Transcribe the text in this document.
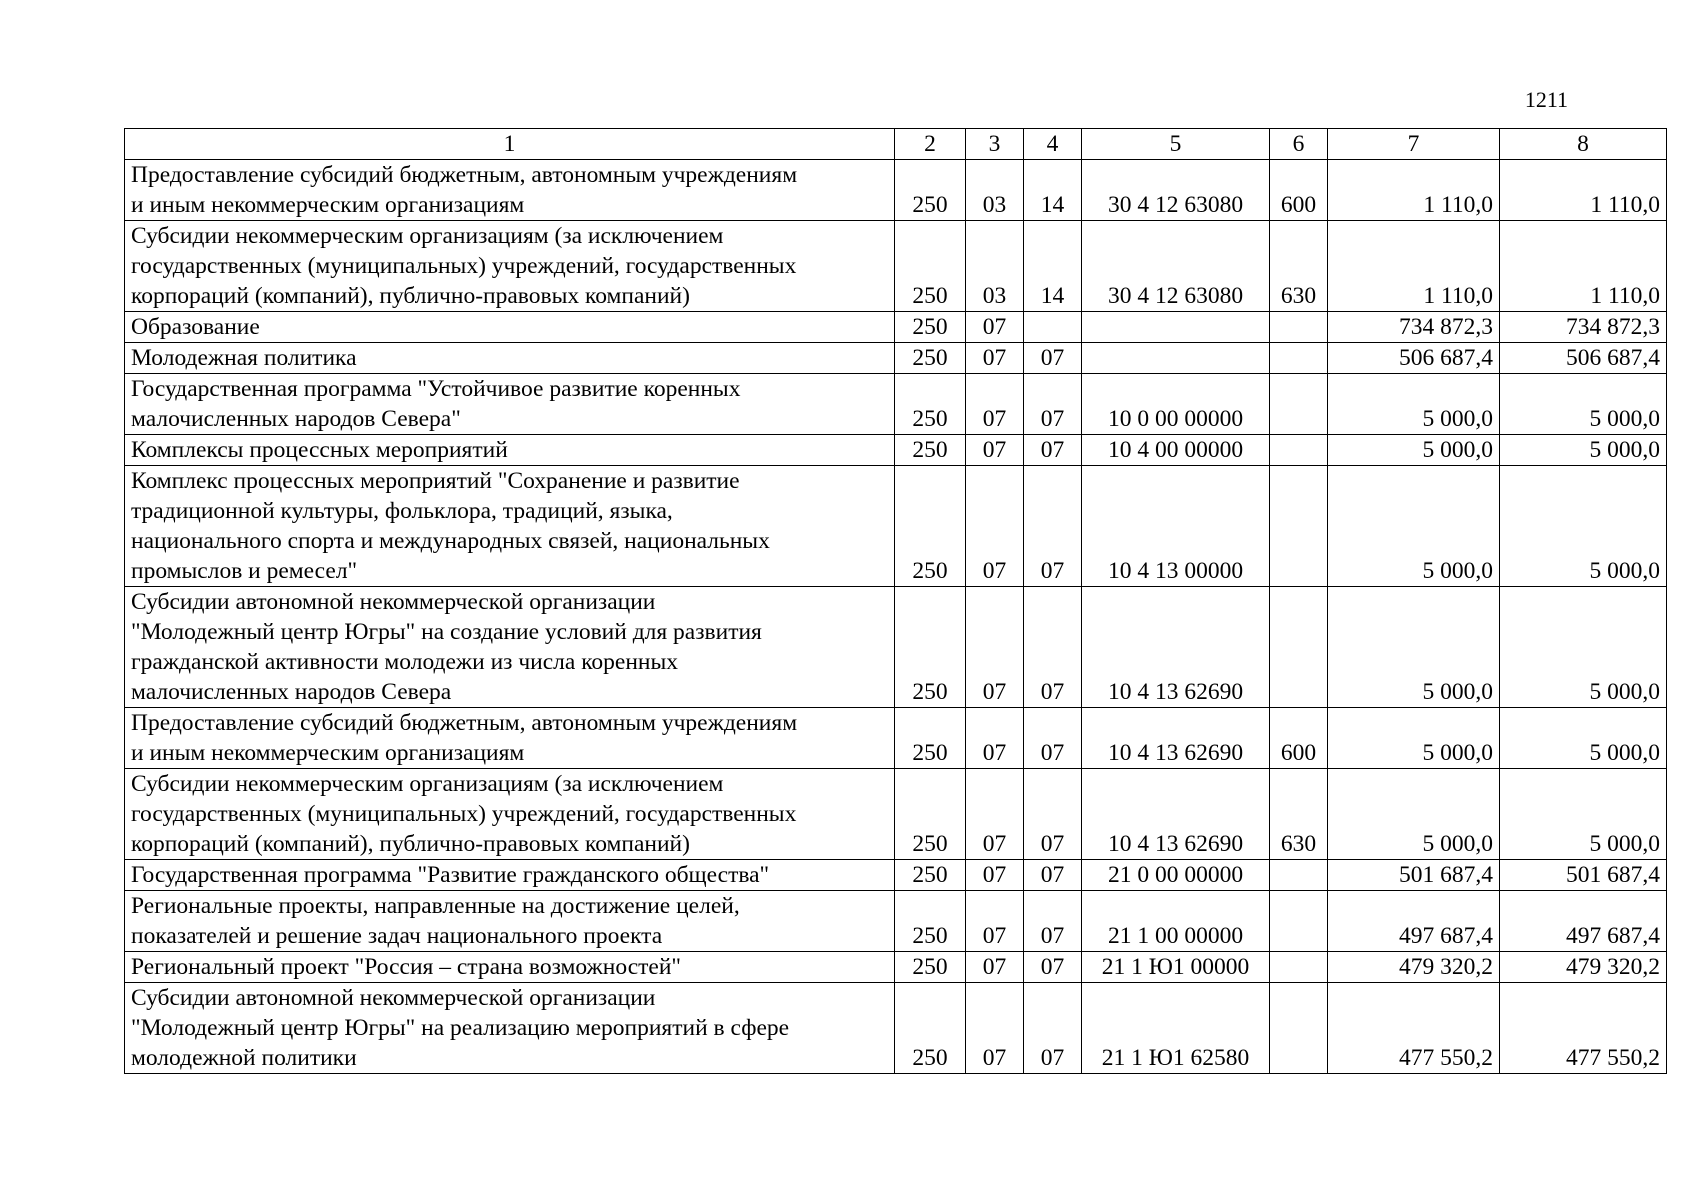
1211
1	2	3	4	5	6	7	8
Предоставление субсидий бюджетным, автономным учреждениям
и иным некоммерческим организациям	250	03	14	30 4 12 63080	600	1 110,0	1 110,0
Субсидии некоммерческим организациям (за исключением
государственных (муниципальных) учреждений, государственных
корпораций (компаний), публично-правовых компаний)	250	03	14	30 4 12 63080	630	1 110,0	1 110,0
Образование	250	07				734 872,3	734 872,3
Молодежная политика	250	07	07			506 687,4	506 687,4
Государственная программа "Устойчивое развитие коренных
малочисленных народов Севера"	250	07	07	10 0 00 00000		5 000,0	5 000,0
Комплексы процессных мероприятий	250	07	07	10 4 00 00000		5 000,0	5 000,0
Комплекс процессных мероприятий "Сохранение и развитие
традиционной культуры, фольклора, традиций, языка,
национального спорта и международных связей, национальных
промыслов и ремесел"	250	07	07	10 4 13 00000		5 000,0	5 000,0
Субсидии автономной некоммерческой организации
"Молодежный центр Югры" на создание условий для развития
гражданской активности молодежи из числа коренных
малочисленных народов Севера	250	07	07	10 4 13 62690		5 000,0	5 000,0
Предоставление субсидий бюджетным, автономным учреждениям
и иным некоммерческим организациям	250	07	07	10 4 13 62690	600	5 000,0	5 000,0
Субсидии некоммерческим организациям (за исключением
государственных (муниципальных) учреждений, государственных
корпораций (компаний), публично-правовых компаний)	250	07	07	10 4 13 62690	630	5 000,0	5 000,0
Государственная программа "Развитие гражданского общества"	250	07	07	21 0 00 00000		501 687,4	501 687,4
Региональные проекты, направленные на достижение целей,
показателей и решение задач национального проекта	250	07	07	21 1 00 00000		497 687,4	497 687,4
Региональный проект "Россия – страна возможностей"	250	07	07	21 1 Ю1 00000		479 320,2	479 320,2
Субсидии автономной некоммерческой организации
"Молодежный центр Югры" на реализацию мероприятий в сфере
молодежной политики	250	07	07	21 1 Ю1 62580		477 550,2	477 550,2
